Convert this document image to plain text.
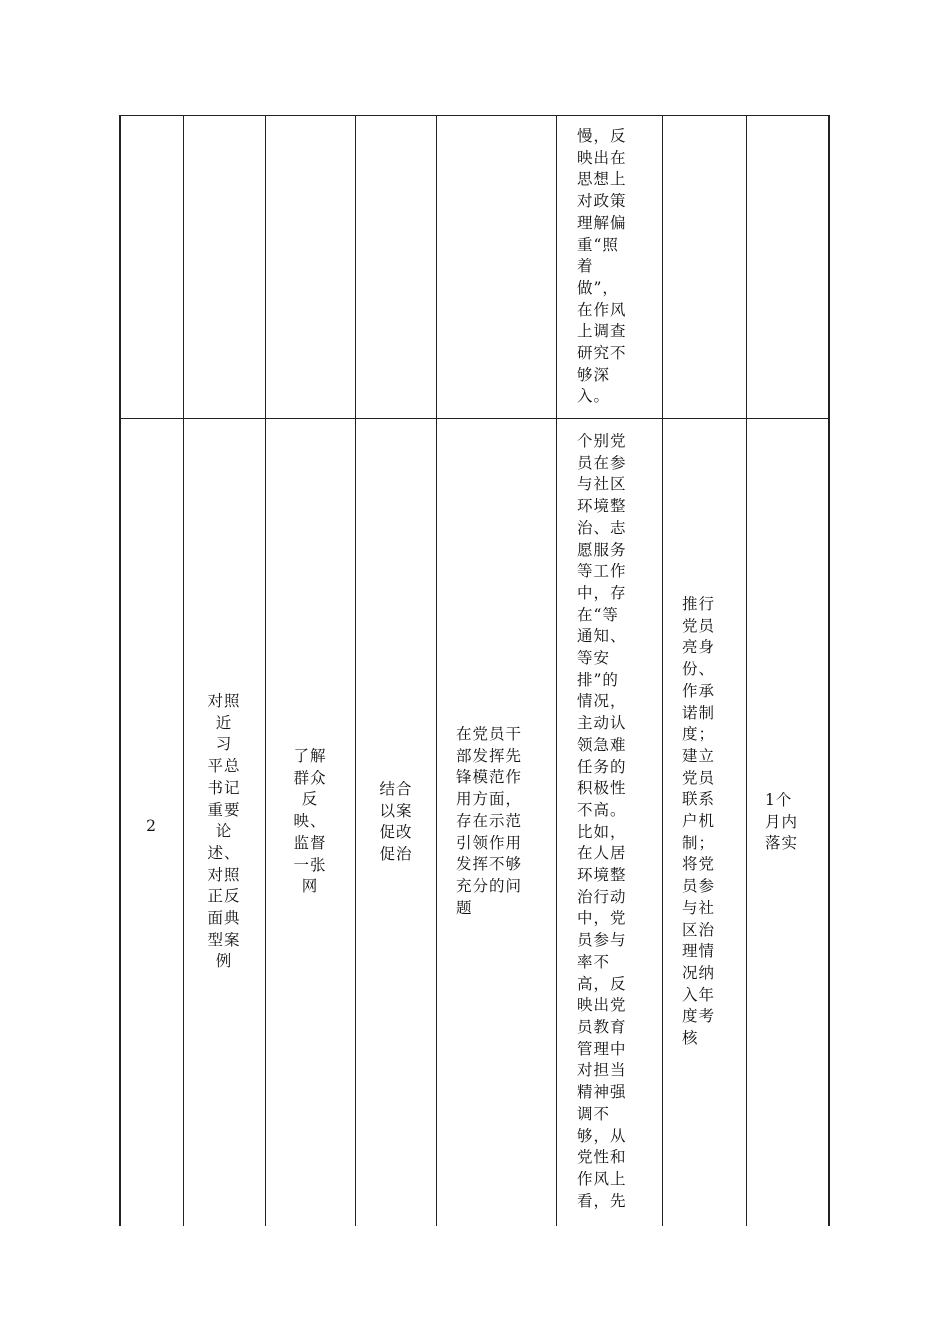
慢，反
映出在
思想上
对政策
理解偏
重“照
着
做”，
在作风
上调查
研究不
够深
入。
2
对照
近
习
平总
书记
重要
论
述、
对照
正反
面典
型案
例
了解
群众
反
映、
监督
一张
网
结合
以案
促改
促治
在党员干
部发挥先
锋模范作
用方面，
存在示范
引领作用
发挥不够
充分的问
题
个别党
员在参
与社区
环境整
治、志
愿服务
等工作
中，存
在“等
通知、
等安
排”的
情况，
主动认
领急难
任务的
积极性
不高。
比如，
在人居
环境整
治行动
中，党
员参与
率不
高，反
映出党
员教育
管理中
对担当
精神强
调不
够，从
党性和
作风上
看，先
推行
党员
亮身
份、
作承
诺制
度；
建立
党员
联系
户机
制；
将党
员参
与社
区治
理情
况纳
入年
度考
核
1个
月内
落实
